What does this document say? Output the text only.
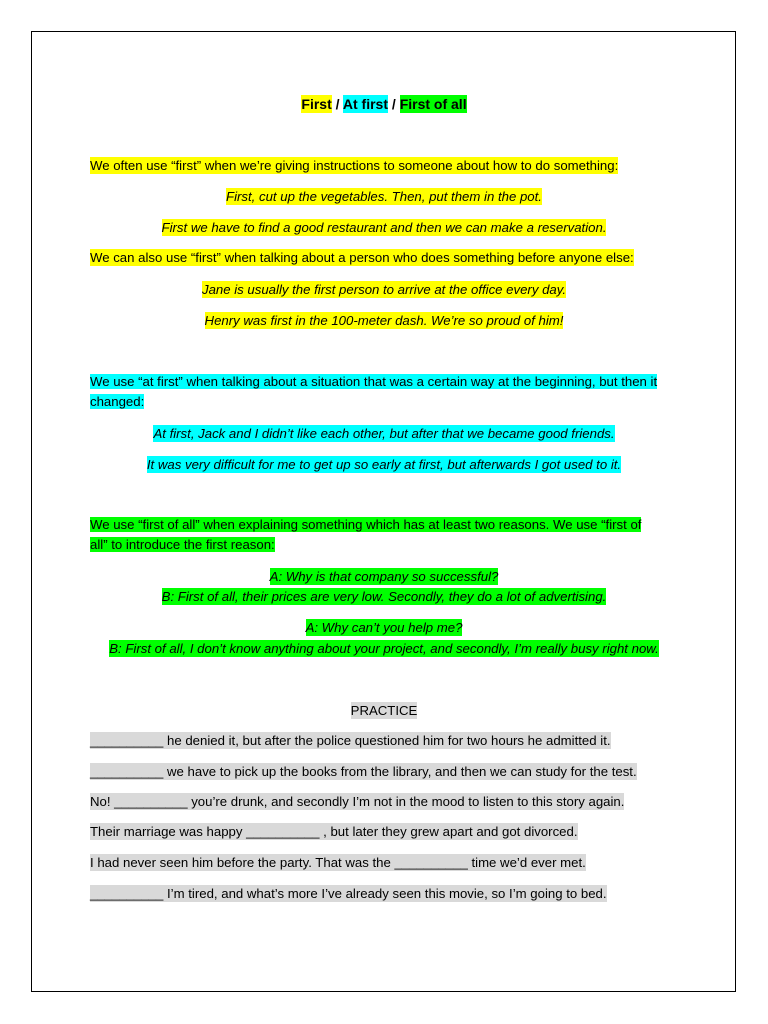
First / At first / First of all
We often use “first” when we’re giving instructions to someone about how to do something:
First, cut up the vegetables. Then, put them in the pot.
First we have to find a good restaurant and then we can make a reservation.
We can also use “first” when talking about a person who does something before anyone else:
Jane is usually the first person to arrive at the office every day.
Henry was first in the 100-meter dash. We’re so proud of him!
We use “at first” when talking about a situation that was a certain way at the beginning, but then it changed:
At first, Jack and I didn’t like each other, but after that we became good friends.
It was very difficult for me to get up so early at first, but afterwards I got used to it.
We use “first of all” when explaining something which has at least two reasons. We use “first of all” to introduce the first reason:
A: Why is that company so successful?
B: First of all, their prices are very low. Secondly, they do a lot of advertising.
A: Why can’t you help me?
B: First of all, I don’t know anything about your project, and secondly, I’m really busy right now.
PRACTICE
__________ he denied it, but after the police questioned him for two hours he admitted it.
__________ we have to pick up the books from the library, and then we can study for the test.
No! __________ you’re drunk, and secondly I’m not in the mood to listen to this story again.
Their marriage was happy __________ , but later they grew apart and got divorced.
I had never seen him before the party. That was the __________ time we’d ever met.
__________ I’m tired, and what’s more I’ve already seen this movie, so I’m going to bed.
